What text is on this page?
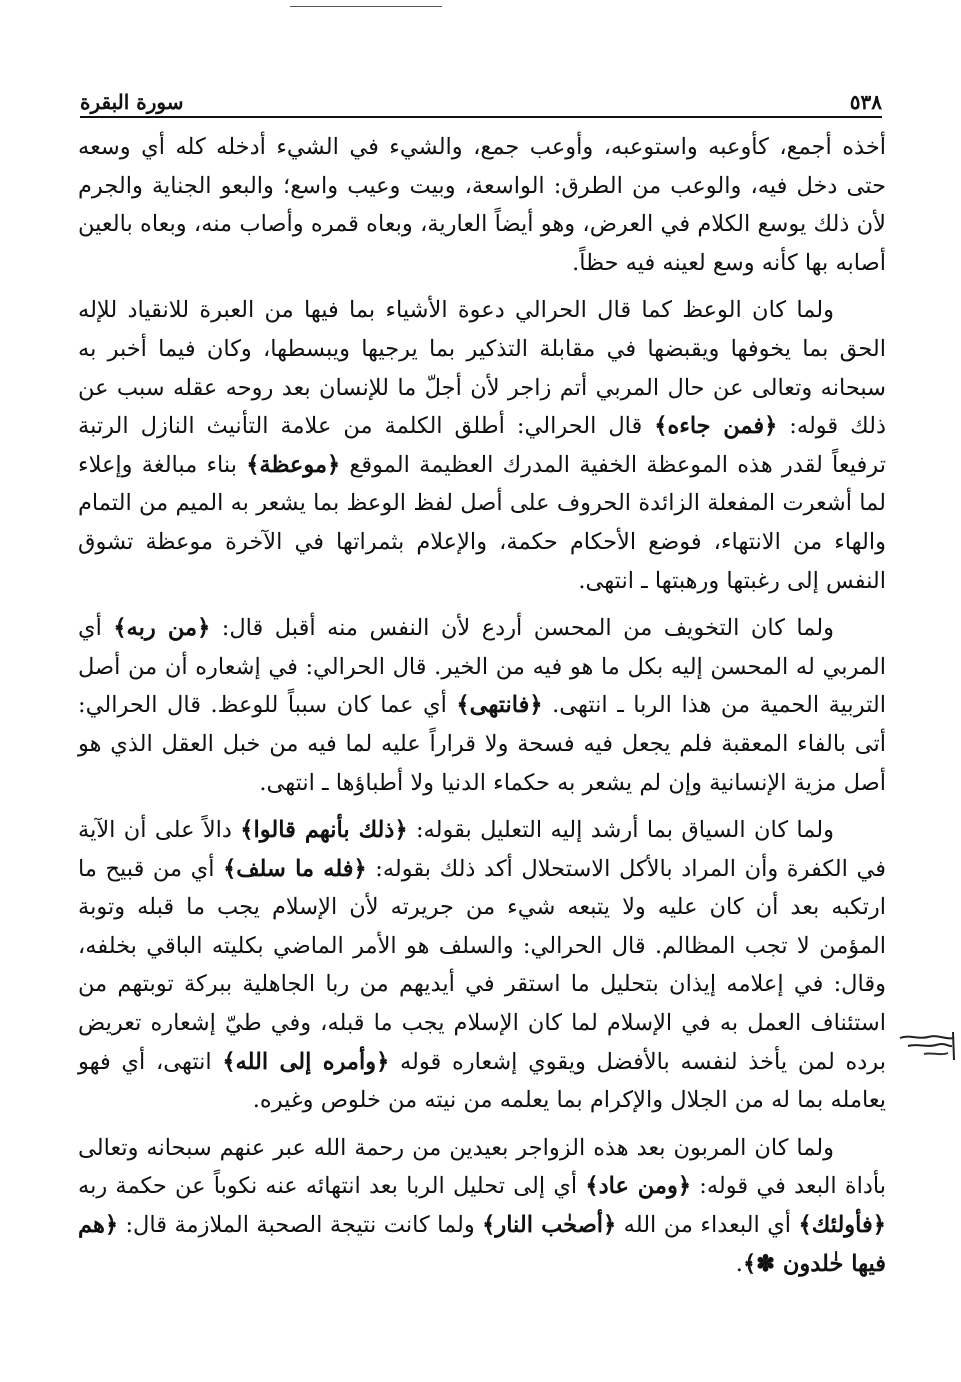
٥٣٨
سورة البقرة

أخذه أجمع، كأوعبه واستوعبه، وأوعب جمع، والشيء في الشيء أدخله كله أي وسعه حتى دخل فيه، والوعب من الطرق: الواسعة، وبيت وعيب واسع؛ والبعو الجناية والجرم لأن ذلك يوسع الكلام في العرض، وهو أيضاً العارية، وبعاه قمره وأصاب منه، وبعاه بالعين أصابه بها كأنه وسع لعينه فيه حظاً.

ولما كان الوعظ كما قال الحرالي دعوة الأشياء بما فيها من العبرة للانقياد للإله الحق بما يخوفها ويقبضها في مقابلة التذكير بما يرجيها ويبسطها، وكان فيما أخبر به سبحانه وتعالى عن حال المربي أتم زاجر لأن أجلّ ما للإنسان بعد روحه عقله سبب عن ذلك قوله: ﴿فمن جاءه﴾ قال الحرالي: أطلق الكلمة من علامة التأنيث النازل الرتبة ترفيعاً لقدر هذه الموعظة الخفية المدرك العظيمة الموقع ﴿موعظة﴾ بناء مبالغة وإعلاء لما أشعرت المفعلة الزائدة الحروف على أصل لفظ الوعظ بما يشعر به الميم من التمام والهاء من الانتهاء، فوضع الأحكام حكمة، والإعلام بثمراتها في الآخرة موعظة تشوق النفس إلى رغبتها ورهبتها ـ انتهى.

ولما كان التخويف من المحسن أردع لأن النفس منه أقبل قال: ﴿من ربه﴾ أي المربي له المحسن إليه بكل ما هو فيه من الخير. قال الحرالي: في إشعاره أن من أصل التربية الحمية من هذا الربا ـ انتهى. ﴿فانتهى﴾ أي عما كان سبباً للوعظ. قال الحرالي: أتى بالفاء المعقبة فلم يجعل فيه فسحة ولا قراراً عليه لما فيه من خبل العقل الذي هو أصل مزية الإنسانية وإن لم يشعر به حكماء الدنيا ولا أطباؤها ـ انتهى.

ولما كان السياق بما أرشد إليه التعليل بقوله: ﴿ذلك بأنهم قالوا﴾ دالاً على أن الآية في الكفرة وأن المراد بالأكل الاستحلال أكد ذلك بقوله: ﴿فله ما سلف﴾ أي من قبيح ما ارتكبه بعد أن كان عليه ولا يتبعه شيء من جريرته لأن الإسلام يجب ما قبله وتوبة المؤمن لا تجب المظالم. قال الحرالي: والسلف هو الأمر الماضي بكليته الباقي بخلفه، وقال: في إعلامه إيذان بتحليل ما استقر في أيديهم من ربا الجاهلية ببركة توبتهم من استئناف العمل به في الإسلام لما كان الإسلام يجب ما قبله، وفي طيّ إشعاره تعريض برده لمن يأخذ لنفسه بالأفضل ويقوي إشعاره قوله ﴿وأمره إلى الله﴾ انتهى، أي فهو يعامله بما له من الجلال والإكرام بما يعلمه من نيته من خلوص وغيره.

ولما كان المربون بعد هذه الزواجر بعيدين من رحمة الله عبر عنهم سبحانه وتعالى بأداة البعد في قوله: ﴿ومن عاد﴾ أي إلى تحليل الربا بعد انتهائه عنه نكوباً عن حكمة ربه ﴿فأولئك﴾ أي البعداء من الله ﴿أصحٰب النار﴾ ولما كانت نتيجة الصحبة الملازمة قال: ﴿هم فيها خٰلدون ✽﴾.
